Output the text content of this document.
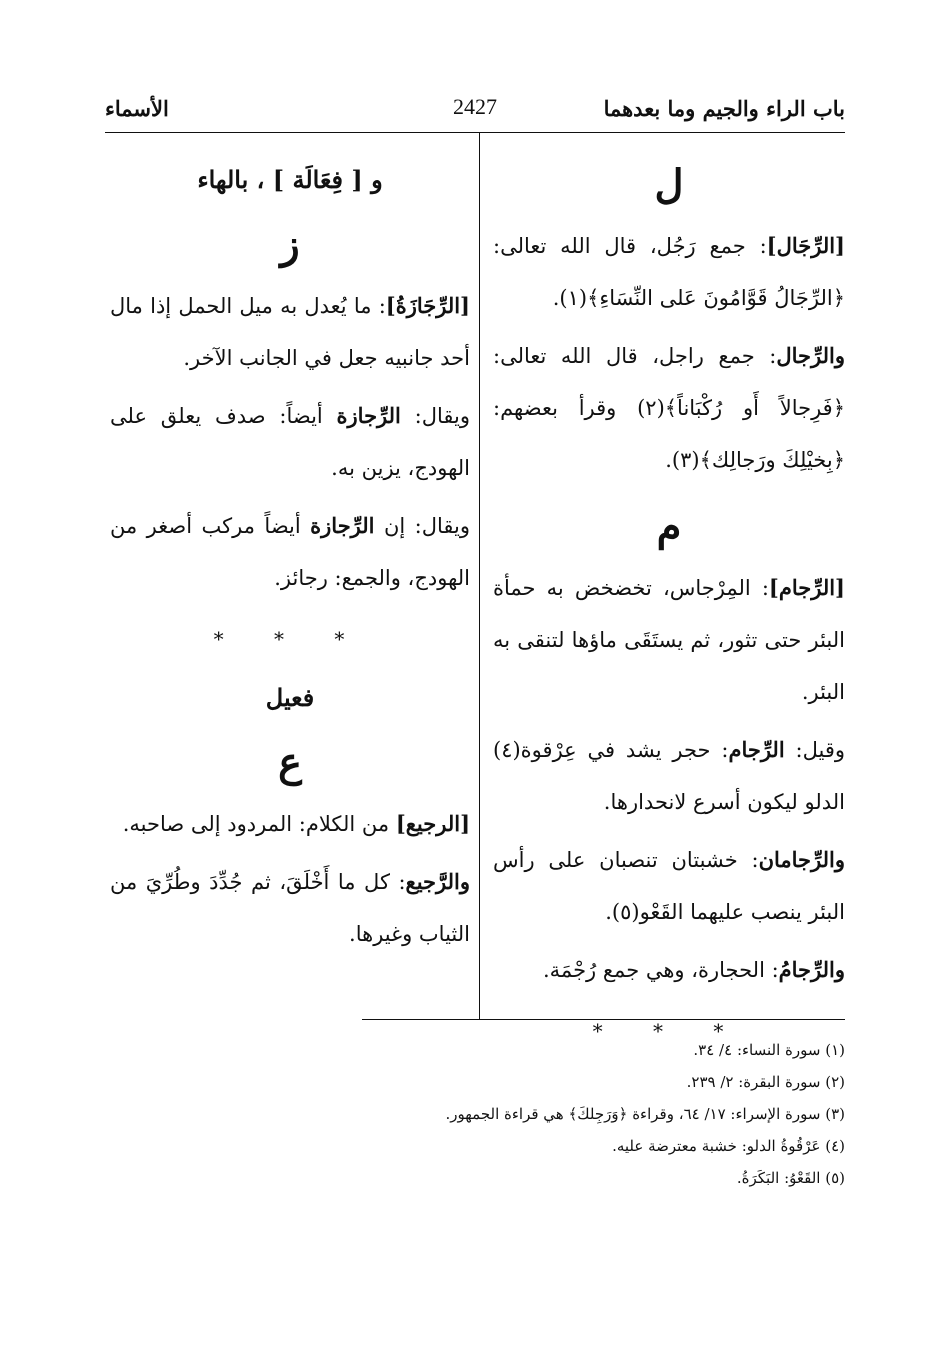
باب الراء والجيم وما بعدهما
2427
الأسماء
ل

[الرِّجَال]: جمع رَجُل، قال الله تعالى: ﴿الرِّجَالُ قَوَّامُونَ عَلى النِّسَاءِ﴾(١).

والرِّجال: جمع راجل، قال الله تعالى: ﴿فَرِجالاً أَو رُكْبَاناً﴾(٢) وقرأ بعضهم: ﴿بِخيْلِكَ ورَجالِك﴾(٣).

م

[الرِّجام]: المِرْجاس، تخضخض به حمأة البئر حتى تثور، ثم يستَقَى ماؤها لتنقى به البئر.

وقيل: الرِّجام: حجر يشد في عِرْقوة(٤) الدلو ليكون أسرع لانحدارها.

والرِّجامان: خشبتان تنصبان على رأس البئر ينصب عليهما القَعْو(٥).

والرِّجامُ: الحجارة، وهي جمع رُجْمَة.

* * *
و [ فِعَالَة ] ، بالهاء
ز

[الرِّجَازَةُ]: ما يُعدل به ميل الحمل إذا مال أحد جانبيه جعل في الجانب الآخر.

ويقال: الرِّجازة أيضاً: صدف يعلق على الهودج، يزين به.

ويقال: إن الرِّجازة أيضاً مركب أصغر من الهودج، والجمع: رجائز.

* * *
فعيل
ع

[الرجيع] من الكلام: المردود إلى صاحبه.

والرَّجيع: كل ما أَخْلَقَ، ثم جُدِّدَ وطُرِّيَ من الثياب وغيرها.

(١) سورة النساء: ٤/ ٣٤.
(٢) سورة البقرة: ٢/ ٢٣٩.
(٣) سورة الإسراء: ١٧/ ٦٤، وقراءة ﴿وَرَجِلكَ﴾ هي قراءة الجمهور.
(٤) عَرْقُوةُ الدلو: خشبة معترضة عليه.
(٥) القَعْوُ: البَكَرَةُ.
